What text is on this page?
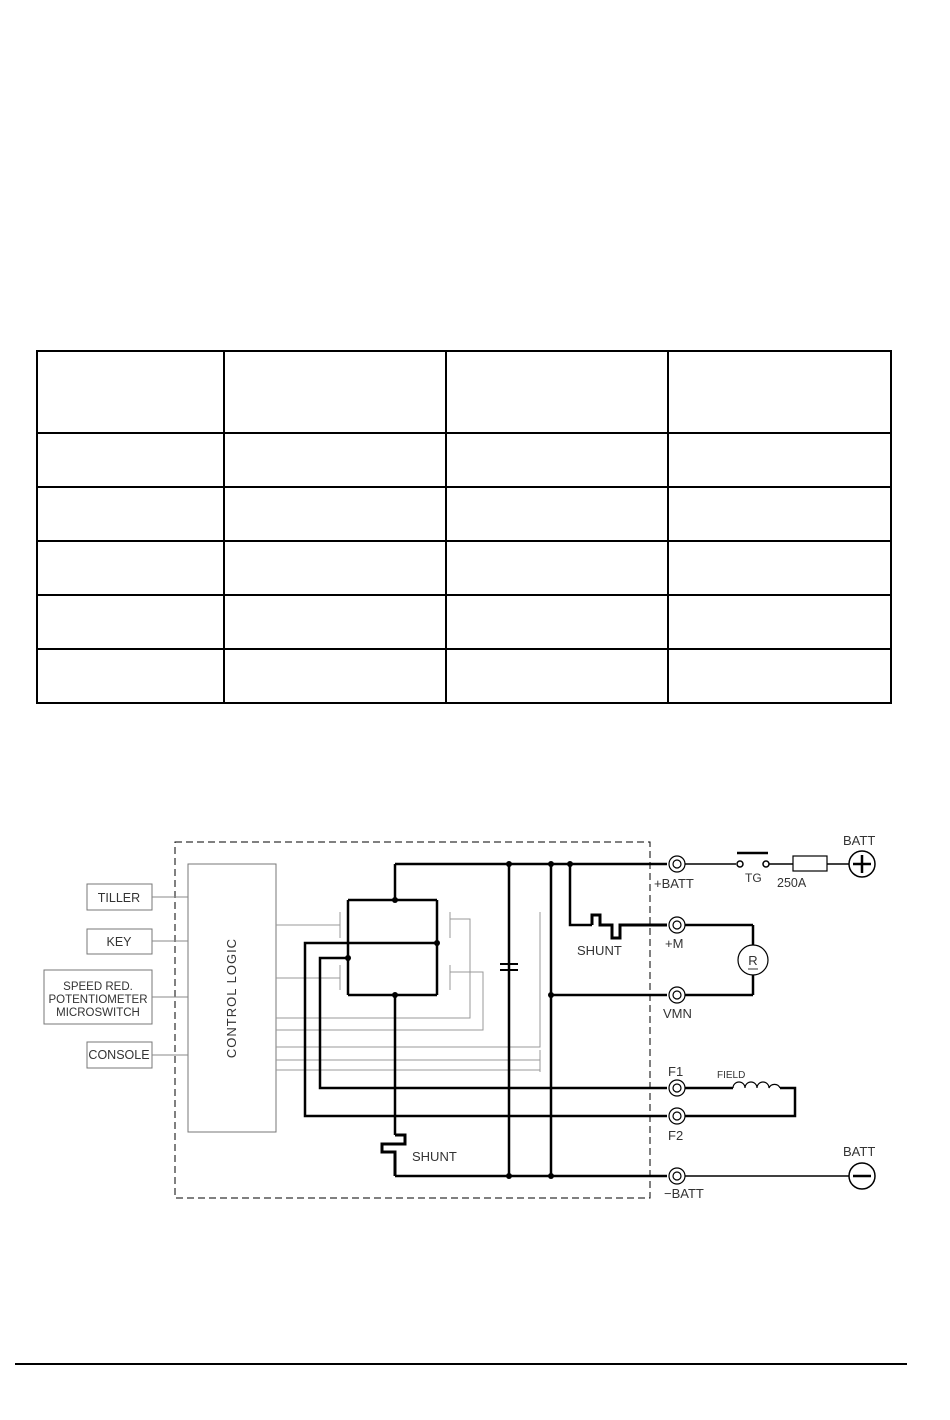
TILLER
KEY
SPEED RED.
POTENTIOMETER
MICROSWITCH
CONSOLE	CONTROL LOGIC	SHUNT
SHUNT
+BATT
+M
VMN
F1
F2
−BATT
TG 250A
BATT
BATT
FIELD
R
